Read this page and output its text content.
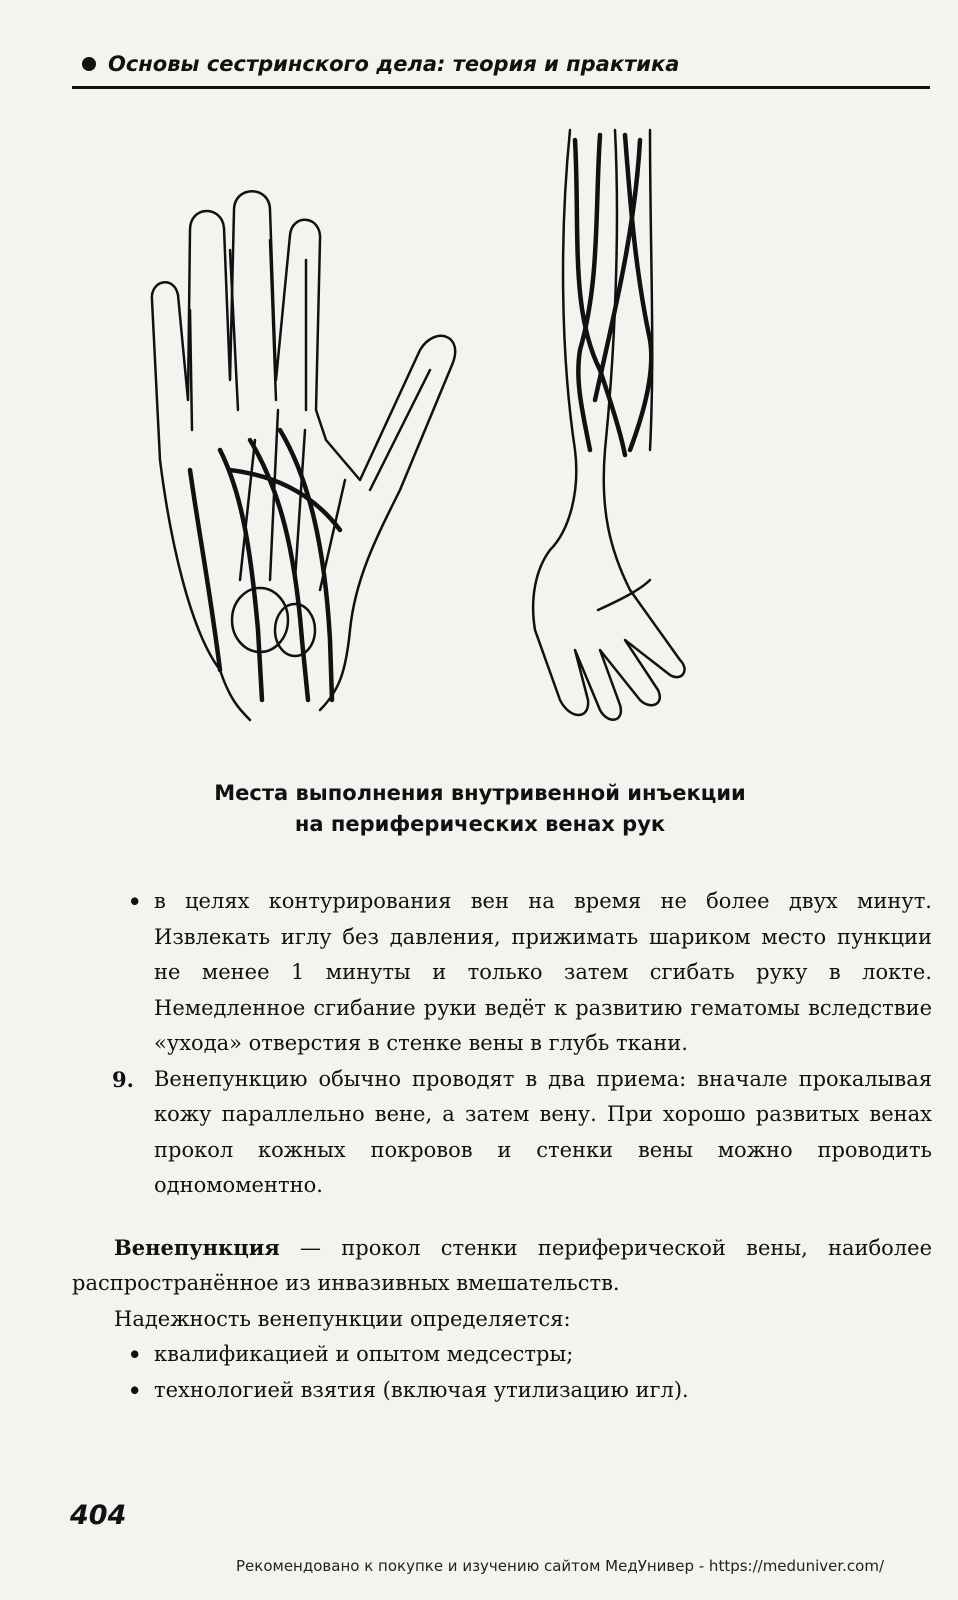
Основы сестринского дела: теория и практика
Места выполнения внутривенной инъекции
на периферических венах рук
• в целях контурирования вен на время не более двух минут. Извлекать иглу без давления, прижимать шариком место пункции не менее 1 минуты и только затем сгибать руку в локте. Немедленное сгибание руки ведёт к развитию гематомы вследствие «ухода» отверстия в стенке вены в глубь ткани.
9. Венепункцию обычно проводят в два приема: вначале прокалывая кожу параллельно вене, а затем вену. При хорошо развитых венах прокол кожных покровов и стенки вены можно проводить одномоментно.
Венепункция — прокол стенки периферической вены, наиболее распространённое из инвазивных вмешательств.
Надежность венепункции определяется:
• квалификацией и опытом медсестры;
• технологией взятия (включая утилизацию игл).
404
Рекомендовано к покупке и изучению сайтом МедУнивер - https://meduniver.com/
